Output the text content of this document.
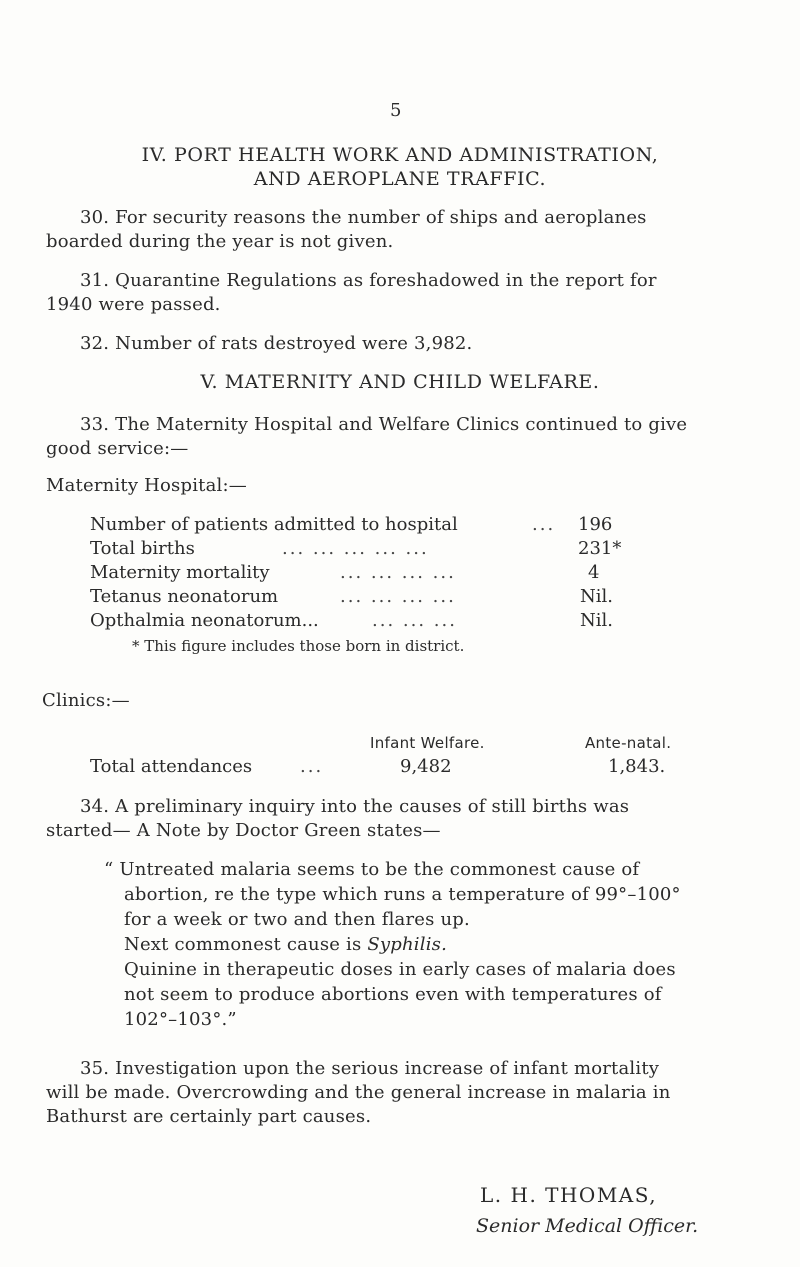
5
IV. PORT HEALTH WORK AND ADMINISTRATION,
AND AEROPLANE TRAFFIC.
30. For security reasons the number of ships and aeroplanes
boarded during the year is not given.
31. Quarantine Regulations as foreshadowed in the report for
1940 were passed.
32. Number of rats destroyed were 3,982.
V. MATERNITY AND CHILD WELFARE.
33. The Maternity Hospital and Welfare Clinics continued to give
good service:—
Maternity Hospital:—
Number of patients admitted to hospital	... 196
Total births	... ... ... ... ...	231*
Maternity mortality	... ... ... ...	4
Tetanus neonatorum	... ... ... ...	Nil.
Opthalmia neonatorum...	... ... ...	Nil.
* This figure includes those born in district.
Clinics:—
Infant Welfare.	Ante-natal.
Total attendances	...	9,482	1,843.
34. A preliminary inquiry into the causes of still births was
started— A Note by Doctor Green states—
“ Untreated malaria seems to be the commonest cause of
abortion, re the type which runs a temperature of 99°–100°
for a week or two and then flares up.
Next commonest cause is Syphilis.
Quinine in therapeutic doses in early cases of malaria does
not seem to produce abortions even with temperatures of
102°–103°.”
35. Investigation upon the serious increase of infant mortality
will be made. Overcrowding and the general increase in malaria in
Bathurst are certainly part causes.
L. H. THOMAS,
Senior Medical Officer.
